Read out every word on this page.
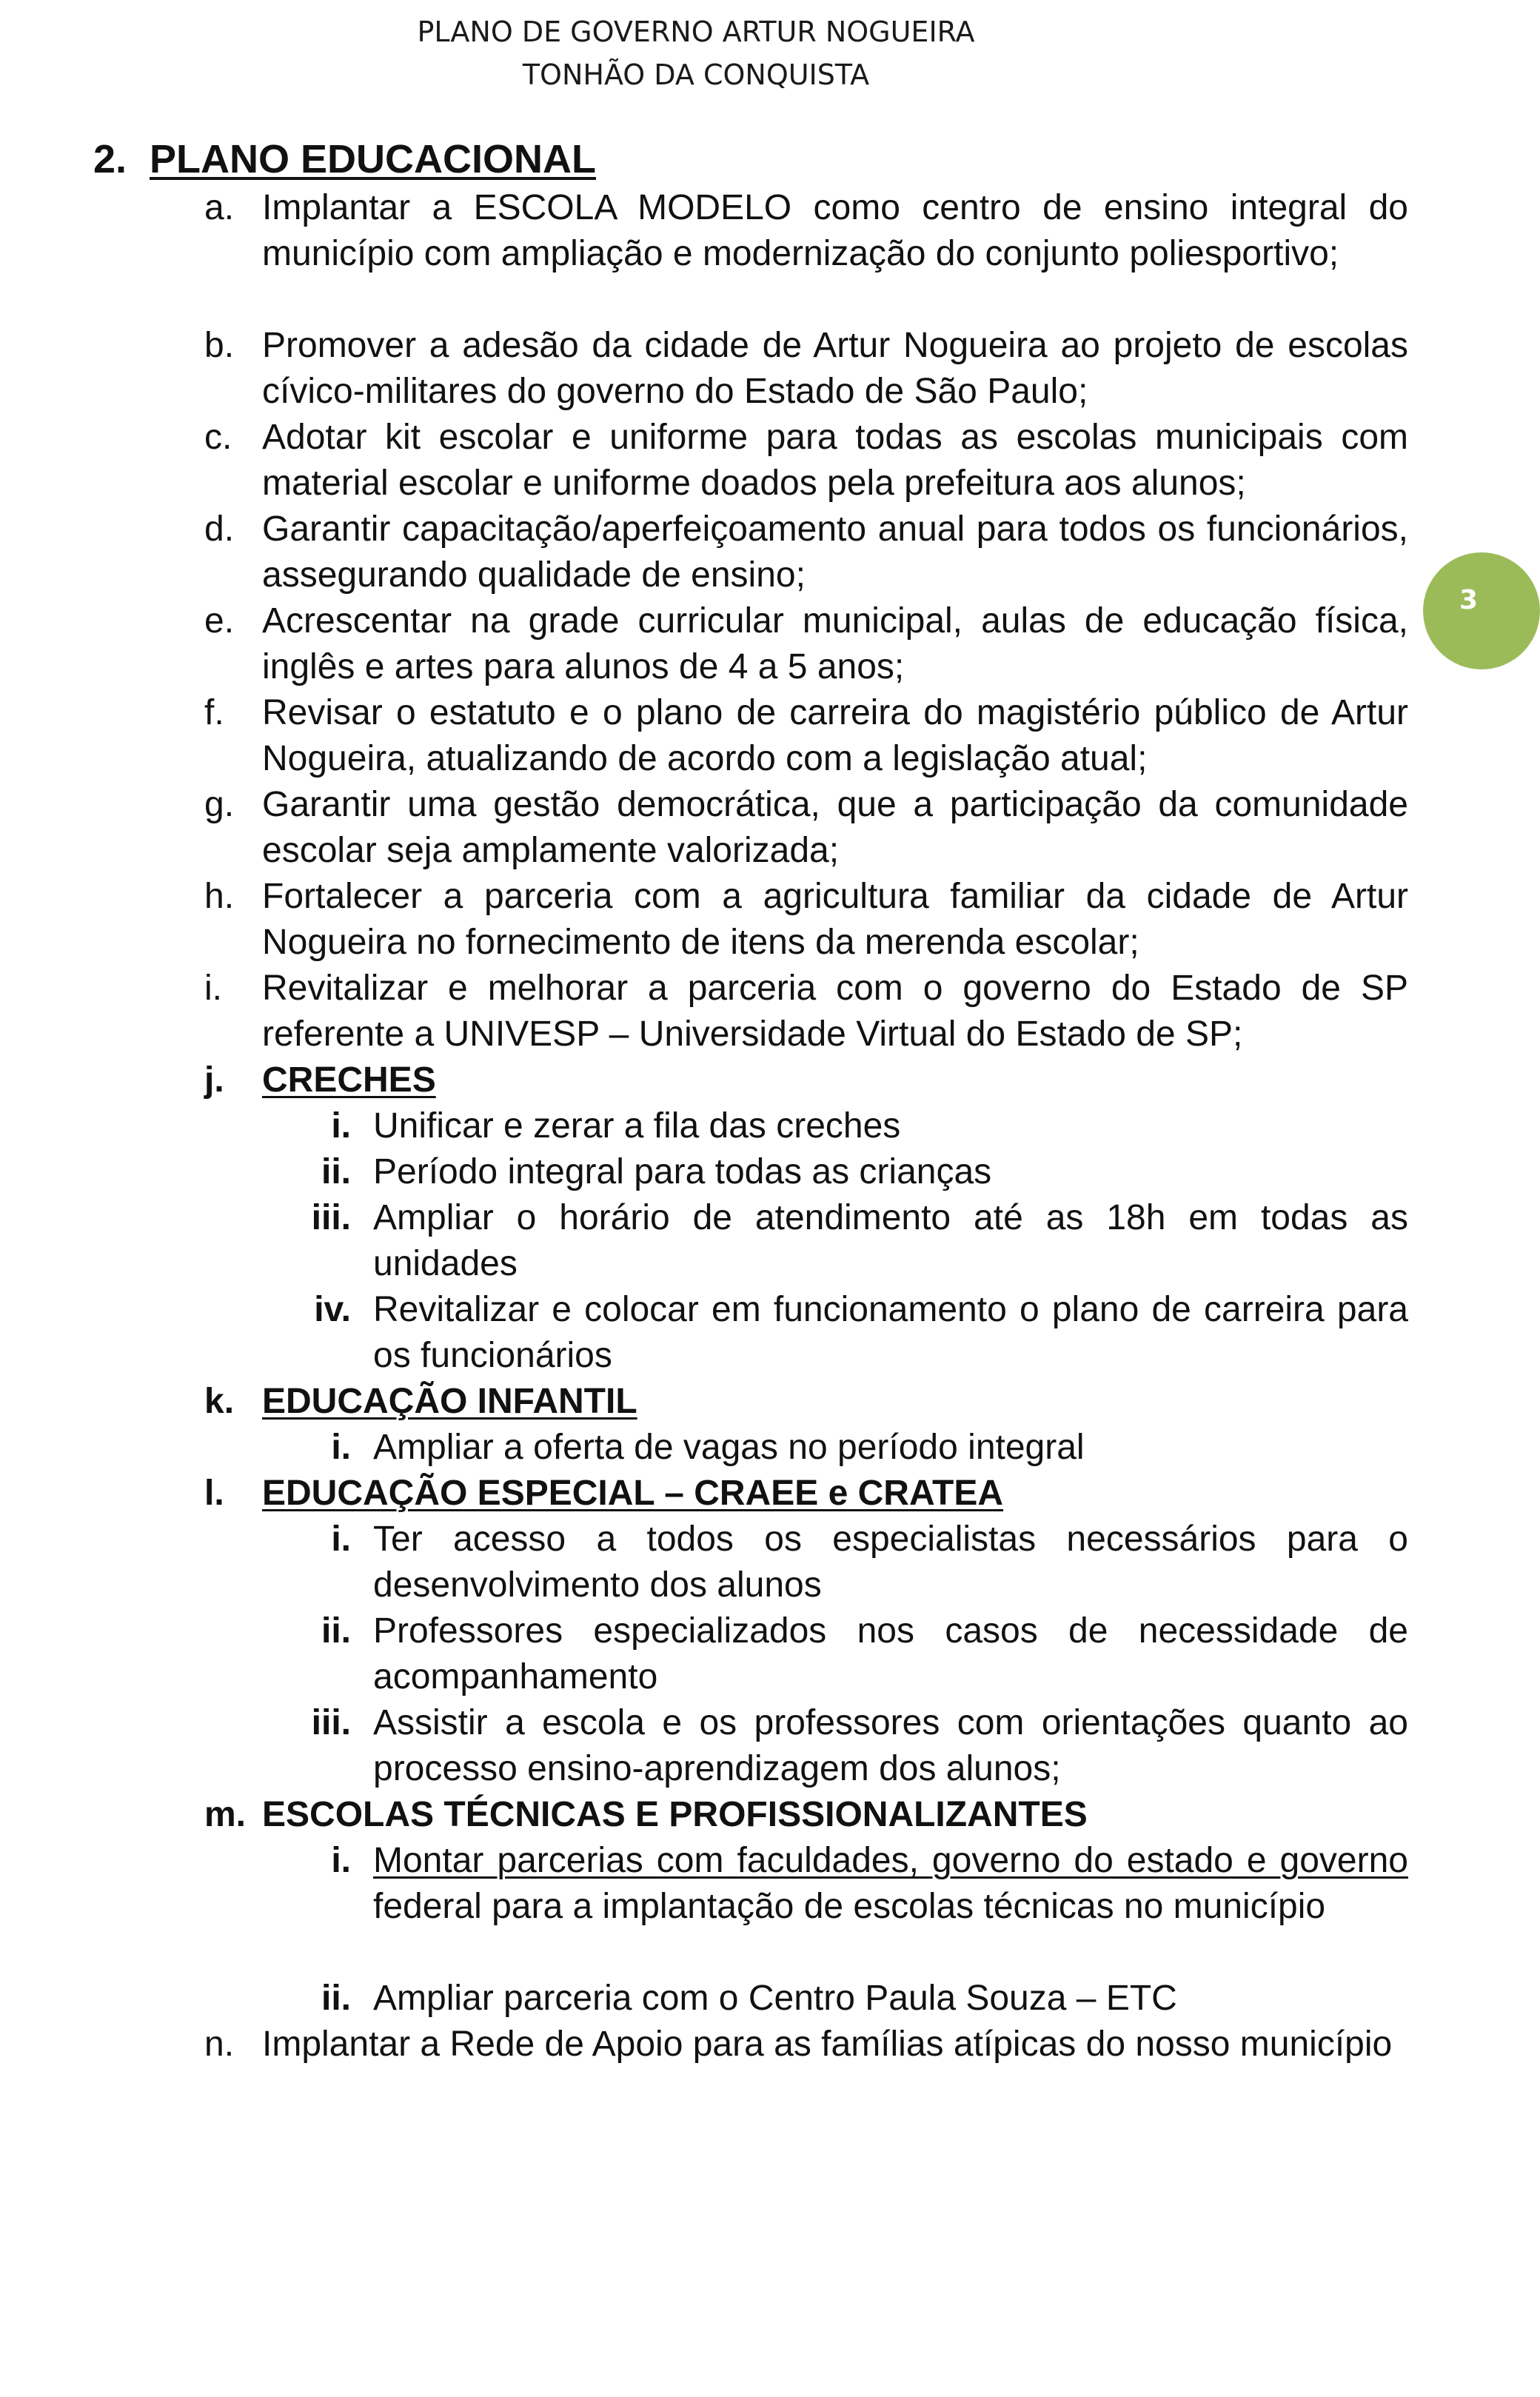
PLANO DE GOVERNO ARTUR NOGUEIRA
TONHÃO DA CONQUISTA
3
2. PLANO EDUCACIONAL
a. Implantar a ESCOLA MODELO como centro de ensino integral do município com ampliação e modernização do conjunto poliesportivo;
b. Promover a adesão da cidade de Artur Nogueira ao projeto de escolas cívico-militares do governo do Estado de São Paulo;
c. Adotar kit escolar e uniforme para todas as escolas municipais com material escolar e uniforme doados pela prefeitura aos alunos;
d. Garantir capacitação/aperfeiçoamento anual para todos os funcionários, assegurando qualidade de ensino;
e. Acrescentar na grade curricular municipal, aulas de educação física, inglês e artes para alunos de 4 a 5 anos;
f.	Revisar o estatuto e o plano de carreira do magistério público de Artur Nogueira, atualizando de acordo com a legislação atual;
g. Garantir uma gestão democrática, que a participação da comunidade escolar seja amplamente valorizada;
h. Fortalecer a parceria com a agricultura familiar da cidade de Artur Nogueira no fornecimento de itens da merenda escolar;
i.	Revitalizar e melhorar a parceria com o governo do Estado de SP referente a UNIVESP – Universidade Virtual do Estado de SP;
j.	CRECHES
i. Unificar e zerar a fila das creches
ii. Período integral para todas as crianças
iii. Ampliar o horário de atendimento até as 18h em todas as unidades
iv. Revitalizar e colocar em funcionamento o plano de carreira para os funcionários
k. EDUCAÇÃO INFANTIL
i. Ampliar a oferta de vagas no período integral
l.	EDUCAÇÃO ESPECIAL – CRAEE e CRATEA
i. Ter acesso a todos os especialistas necessários para o desenvolvimento dos alunos
ii. Professores especializados nos casos de necessidade de acompanhamento
iii. Assistir a escola e os professores com orientações quanto ao processo ensino-aprendizagem dos alunos;
m. ESCOLAS TÉCNICAS E PROFISSIONALIZANTES
i. Montar parcerias com faculdades, governo do estado e governo federal para a implantação de escolas técnicas no município
ii. Ampliar parceria com o Centro Paula Souza – ETC
n. Implantar a Rede de Apoio para as famílias atípicas do nosso município
